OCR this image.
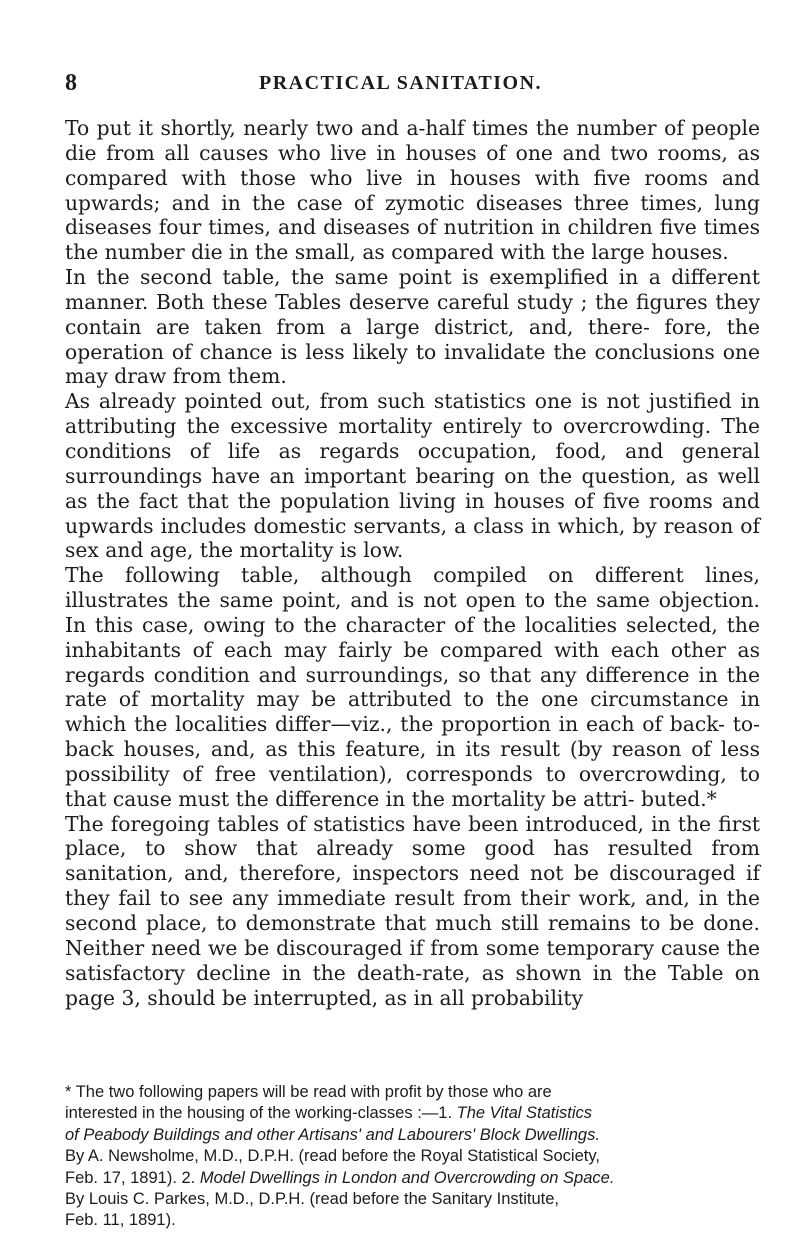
8	PRACTICAL SANITATION.

To put it shortly, nearly two and a-half times the number of people die from all causes who live in houses of one and two rooms, as compared with those who live in houses with five rooms and upwards; and in the case of zymotic diseases three times, lung diseases four times, and diseases of nutrition in children five times the number die in the small, as compared with the large houses.

In the second table, the same point is exemplified in a different manner. Both these Tables deserve careful study ; the figures they contain are taken from a large district, and, there- fore, the operation of chance is less likely to invalidate the conclusions one may draw from them.

As already pointed out, from such statistics one is not justified in attributing the excessive mortality entirely to overcrowding. The conditions of life as regards occupation, food, and general surroundings have an important bearing on the question, as well as the fact that the population living in houses of five rooms and upwards includes domestic servants, a class in which, by reason of sex and age, the mortality is low.

The following table, although compiled on different lines, illustrates the same point, and is not open to the same objection. In this case, owing to the character of the localities selected, the inhabitants of each may fairly be compared with each other as regards condition and surroundings, so that any difference in the rate of mortality may be attributed to the one circumstance in which the localities differ—viz., the proportion in each of back- to-back houses, and, as this feature, in its result (by reason of less possibility of free ventilation), corresponds to overcrowding, to that cause must the difference in the mortality be attri- buted.*

The foregoing tables of statistics have been introduced, in the first place, to show that already some good has resulted from sanitation, and, therefore, inspectors need not be discouraged if they fail to see any immediate result from their work, and, in the second place, to demonstrate that much still remains to be done. Neither need we be discouraged if from some temporary cause the satisfactory decline in the death-rate, as shown in the Table on page 3, should be interrupted, as in all probability

* The two following papers will be read with profit by those who are
interested in the housing of the working-classes :—1. The Vital Statistics
of Peabody Buildings and other Artisans' and Labourers' Block Dwellings.
By A. Newsholme, M.D., D.P.H. (read before the Royal Statistical Society,
Feb. 17, 1891). 2. Model Dwellings in London and Overcrowding on Space.
By Louis C. Parkes, M.D., D.P.H. (read before the Sanitary Institute,
Feb. 11, 1891).
